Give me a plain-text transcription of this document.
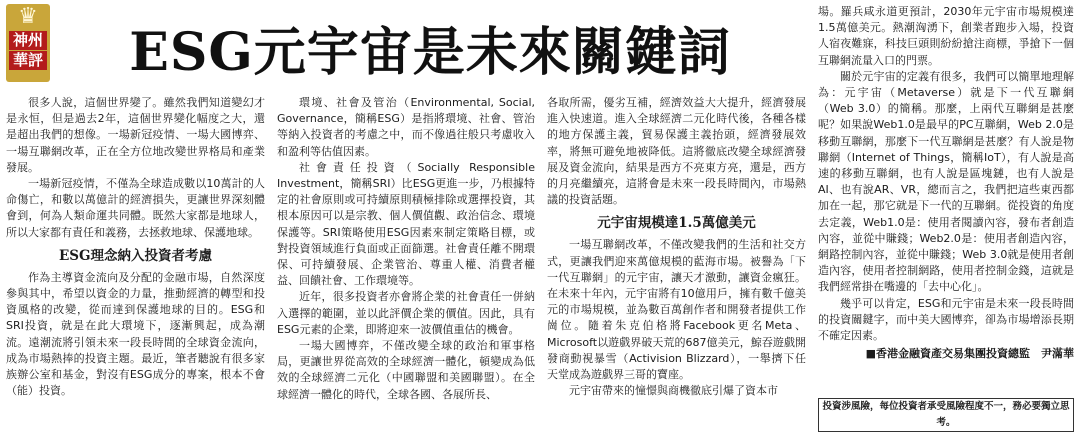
♛
神州
華評	ESG元宇宙是未來關鍵詞

很多人說，這個世界變了。雖然我們知道變幻才是永恒，但是過去2年，這個世界變化幅度之大，還是超出我們的想像。一場新冠疫情、一場大國博弈、一場互聯網改革，正在全方位地改變世界格局和產業發展。

一場新冠疫情，不僅為全球造成數以10萬計的人命傷亡，和數以萬億計的經濟損失，更讓世界深刻體會到，何為人類命運共同體。既然大家都是地球人，所以大家都有責任和義務，去拯救地球、保護地球。

ESG理念納入投資者考慮

作為主導資金流向及分配的金融市場，自然深度參與其中，希望以資金的力量，推動經濟的轉型和投資風格的改變，從而達到保護地球的目的。ESG和SRI投資，就是在此大環境下，逐漸興起，成為潮流。遠潮流將引領未來一段長時間的全球資金流向，成為市場熱捧的投資主題。最近，筆者聽說有很多家族辦公室和基金，對沒有ESG成分的專案，根本不會（能）投資。

環境、社會及管治（Environmental, Social, Governance，簡稱ESG）是指將環境、社會、管治等納入投資者的考慮之中，而不像過往般只考慮收入和盈利等估值因素。

社會責任投資（Socially Responsible Investment，簡稱SRI）比ESG更進一步，乃根據特定的社會原則或可持續原則積極排除或選擇投資，其根本原因可以是宗教、個人價值觀、政治信念、環境保護等。SRI策略使用ESG因素來制定策略目標，或對投資領域進行負面或正面篩選。社會責任離不開環保、可持續發展、企業管治、尊重人權、消費者權益、回饋社會、工作環境等。

近年，很多投資者亦會將企業的社會責任一併納入選擇的範圍，並以此評價企業的價值。因此，具有ESG元素的企業，即將迎來一波價值重估的機會。

一場大國博弈，不僅改變全球的政治和軍事格局，更讓世界從高效的全球經濟一體化，頓變成為低效的全球經濟二元化（中國聯盟和美國聯盟）。在全球經濟一體化的時代，全球各國、各展所長、

各取所需，優劣互補，經濟效益大大提升，經濟發展進入快速道。進入全球經濟二元化時代後，各種各樣的地方保護主義，貿易保護主義抬頭，經濟發展效率，將無可避免地被降低。這將徹底改變全球經濟發展及資金流向，結果是西方不亮東方亮，還是，西方的月亮繼續亮，這將會是未來一段長時間內，市場熱議的投資話題。

元宇宙規模達1.5萬億美元

一場互聯網改革，不僅改變我們的生活和社交方式，更讓我們迎來萬億規模的藍海市場。被譽為「下一代互聯網」的元宇宙，讓天才激動，讓資金瘋狂。在未來十年內，元宇宙將有10億用戶，擁有數千億美元的市場規模，並為數百萬創作者和開發者提供工作崗位。隨着朱克伯格將Facebook更名Meta、Microsoft以遊戲界破天荒的687億美元，鯨吞遊戲開發商動視暴雪（Activision Blizzard），一舉擠下任天堂成為遊戲界三哥的寶座。

元宇宙帶來的憧憬與商機徹底引爆了資本市

場。羅兵咸永道更預計，2030年元宇宙市場規模達1.5萬億美元。熱潮洶湧下，創業者跑步入場，投資人宿夜難寐，科技巨頭則紛紛搶注商標，爭搶下一個互聯網流量入口的門票。

關於元宇宙的定義有很多，我們可以簡單地理解為：元宇宙（Metaverse）就是下一代互聯網（Web 3.0）的簡稱。那麼，上兩代互聯網是甚麼呢？如果說Web1.0是最早的PC互聯網，Web 2.0是移動互聯網，那麼下一代互聯網是甚麼？有人說是物聯網（Internet of Things，簡稱IoT），有人說是高速的移動互聯網，也有人說是區塊鏈，也有人說是AI、也有說AR、VR，總而言之，我們把這些東西都加在一起，那它就是下一代的互聯網。從投資的角度去定義，Web1.0是：使用者閱讀內容，發布者創造內容，並從中賺錢；Web2.0是：使用者創造內容，網路控制內容，並從中賺錢；Web 3.0就是使用者創造內容，使用者控制網路，使用者控制金錢，這就是我們經常掛在嘴邊的「去中心化」。

幾乎可以肯定，ESG和元宇宙是未來一段長時間的投資關鍵字，而中美大國博弈，卻為市場增添長期不確定因素。

■香港金融資產交易集團投資總監　尹滿華

投資涉風險，每位投資者承受風險程度不一，務必要獨立思考。
